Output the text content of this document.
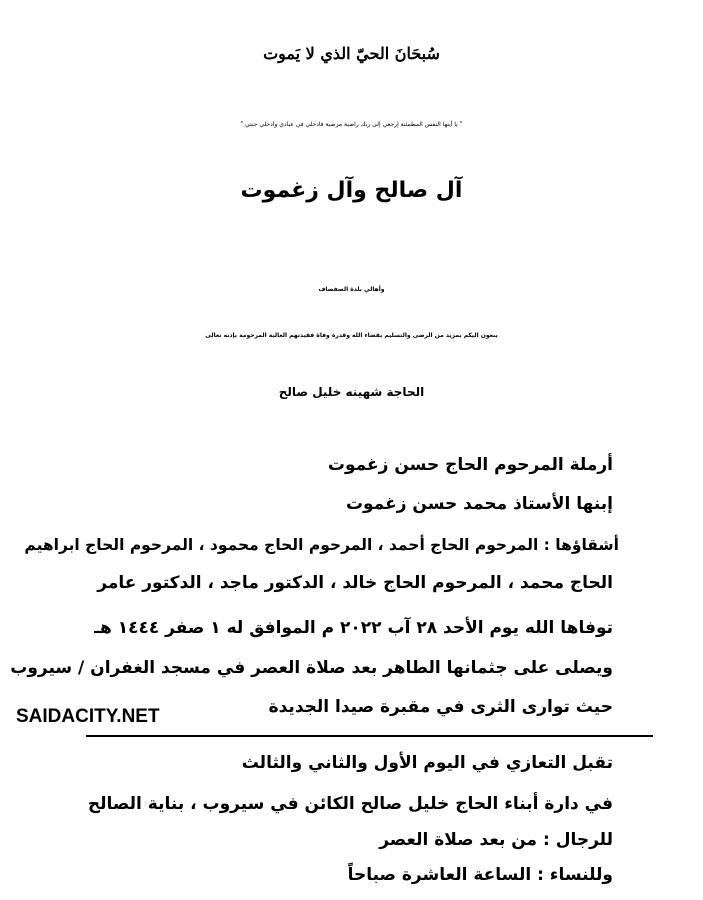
سُبحَانَ الحيّ الذي لا يَموت
" يا أيتها النفس المطمئنة إرجعي إلى ربك راضية مرضية فادخلي في عبادي وادخلي جنتي "
آل صالح وآل زغموت
وأهالي بلدة الصفصاف
ينعون اليكم بمزيد من الرضى والتسليم بقضاء الله وقدره وفاة فقيدتهم الغالية المرحومة بإذنه تعالى
الحاجة شهينه خليل صالح
أرملة المرحوم الحاج حسن زغموت
إبنها الأستاذ محمد حسن زغموت
أشقاؤها : المرحوم الحاج أحمد ، المرحوم الحاج محمود ، المرحوم الحاج ابراهيم
الحاج محمد ، المرحوم الحاج خالد ، الدكتور ماجد ، الدكتور عامر
توفاها الله يوم الأحد ٢٨ آب ٢٠٢٢ م الموافق له ١ صفر ١٤٤٤ هـ
ويصلى على جثمانها الطاهر بعد صلاة العصر في مسجد الغفران / سيروب
حيث توارى الثرى في مقبرة صيدا الجديدة
SAIDACITY.NET
تقبل التعازي في اليوم الأول والثاني والثالث
في دارة أبناء الحاج خليل صالح الكائن في سيروب ، بناية الصالح
للرجال : من بعد صلاة العصر
وللنساء : الساعة العاشرة صباحاً
